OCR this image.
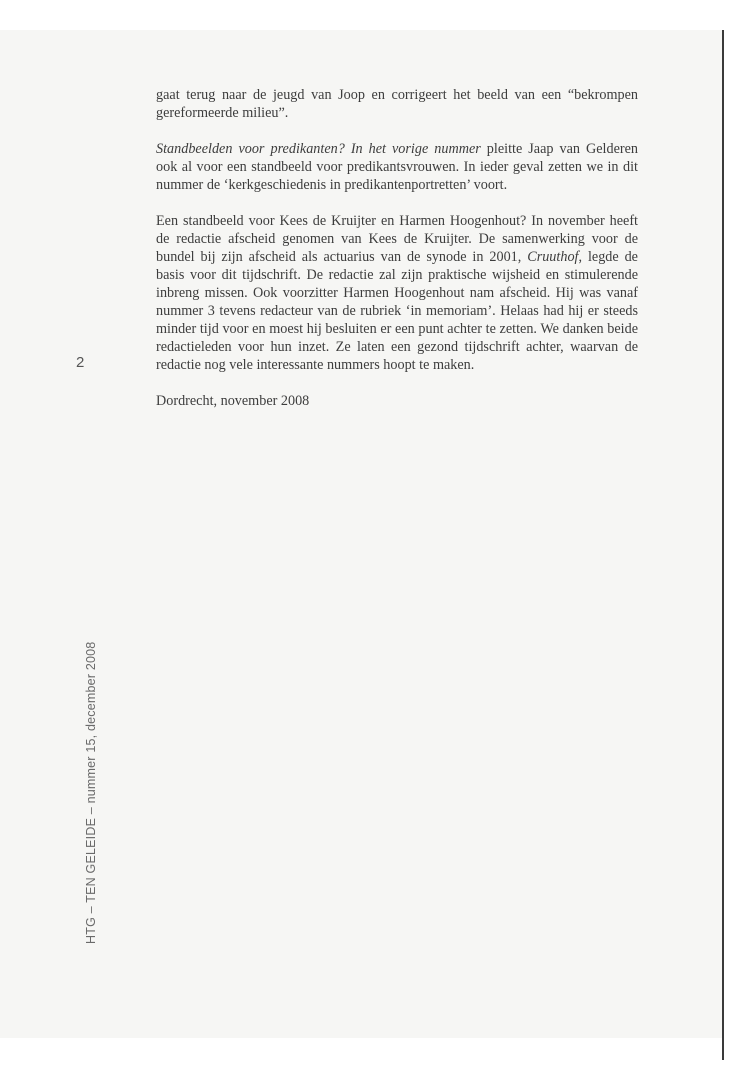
2
HTG – TEN GELEIDE – nummer 15, december 2008

gaat terug naar de jeugd van Joop en corrigeert het beeld van een “bekrompen gereformeerde milieu”.

Standbeelden voor predikanten? In het vorige nummer pleitte Jaap van Gelderen ook al voor een standbeeld voor predikantsvrouwen. In ieder geval zetten we in dit nummer de ‘kerkgeschiedenis in predikantenportretten’ voort.

Een standbeeld voor Kees de Kruijter en Harmen Hoogenhout? In november heeft de redactie afscheid genomen van Kees de Kruijter. De samenwerking voor de bundel bij zijn afscheid als actuarius van de synode in 2001, Cruuthof, legde de basis voor dit tijdschrift. De redactie zal zijn praktische wijsheid en stimulerende inbreng missen. Ook voorzitter Harmen Hoogenhout nam afscheid. Hij was vanaf nummer 3 tevens redacteur van de rubriek ‘in memoriam’. Helaas had hij er steeds minder tijd voor en moest hij besluiten er een punt achter te zetten. We danken beide redactieleden voor hun inzet. Ze laten een gezond tijdschrift achter, waarvan de redactie nog vele interessante nummers hoopt te maken.

Dordrecht, november 2008
